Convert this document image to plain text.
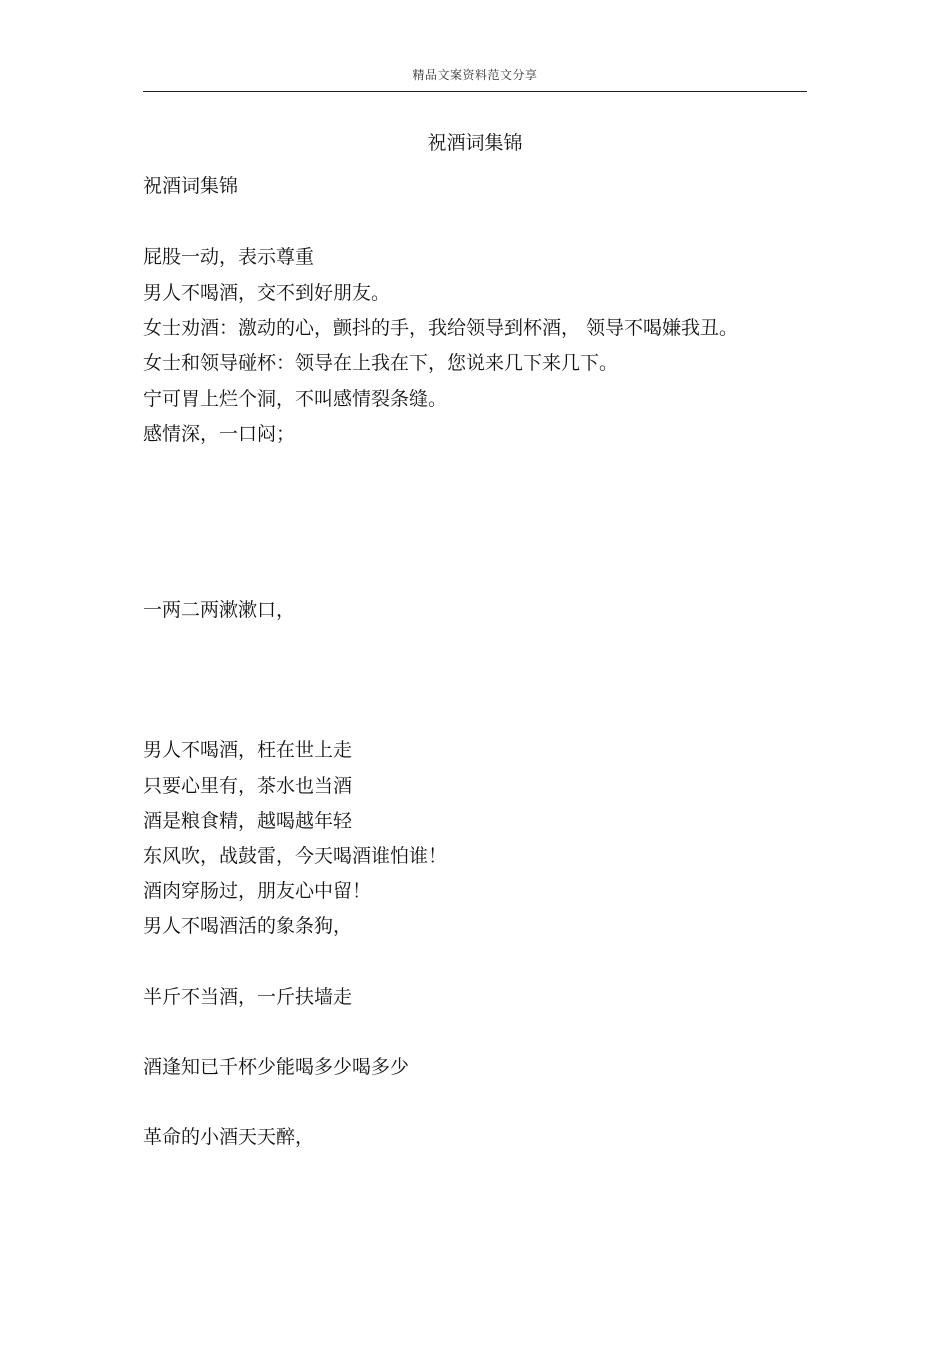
精品文案资料范文分享
祝酒词集锦
祝酒词集锦
屁股一动，表示尊重
男人不喝酒，交不到好朋友。
女士劝酒：激动的心，颤抖的手，我给领导到杯酒， 领导不喝嫌我丑。
女士和领导碰杯：领导在上我在下，您说来几下来几下。
宁可胃上烂个洞，不叫感情裂条缝。
感情深，一口闷；
一两二两漱漱口，
男人不喝酒，枉在世上走
只要心里有，茶水也当酒
酒是粮食精，越喝越年轻
东风吹，战鼓雷，今天喝酒谁怕谁！
酒肉穿肠过，朋友心中留！
男人不喝酒活的象条狗，
半斤不当酒，一斤扶墙走
酒逢知已千杯少能喝多少喝多少
革命的小酒天天醉，
